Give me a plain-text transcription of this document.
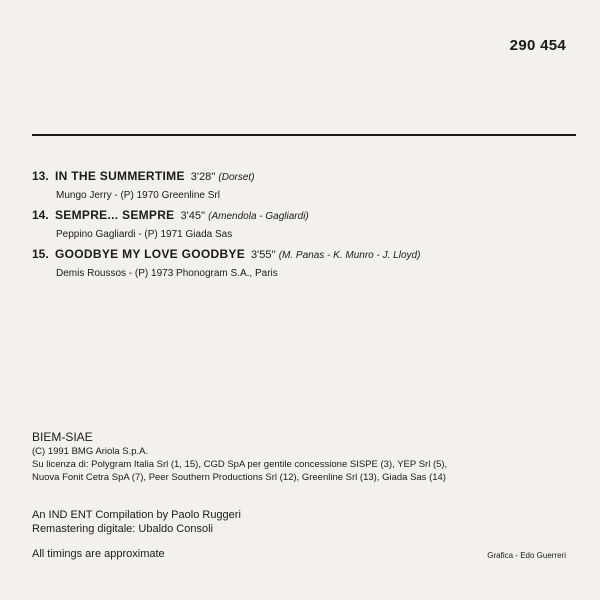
290 454
13. IN THE SUMMERTIME 3'28'' (Dorset)
Mungo Jerry - (P) 1970 Greenline Srl
14. SEMPRE... SEMPRE 3'45'' (Amendola - Gagliardi)
Peppino Gagliardi - (P) 1971 Giada Sas
15. GOODBYE MY LOVE GOODBYE 3'55'' (M. Panas - K. Munro - J. Lloyd)
Demis Roussos - (P) 1973 Phonogram S.A., Paris
BIEM-SIAE
(C) 1991 BMG Ariola S.p.A.
Su licenza di: Polygram Italia Srl (1, 15), CGD SpA per gentile concessione SISPE (3), YEP Srl (5),
Nuova Fonit Cetra SpA (7), Peer Southern Productions Srl (12), Greenline Srl (13), Giada Sas (14)
An IND ENT Compilation by Paolo Ruggeri
Remastering digitale: Ubaldo Consoli
All timings are approximate	Grafica - Edo Guerreri
